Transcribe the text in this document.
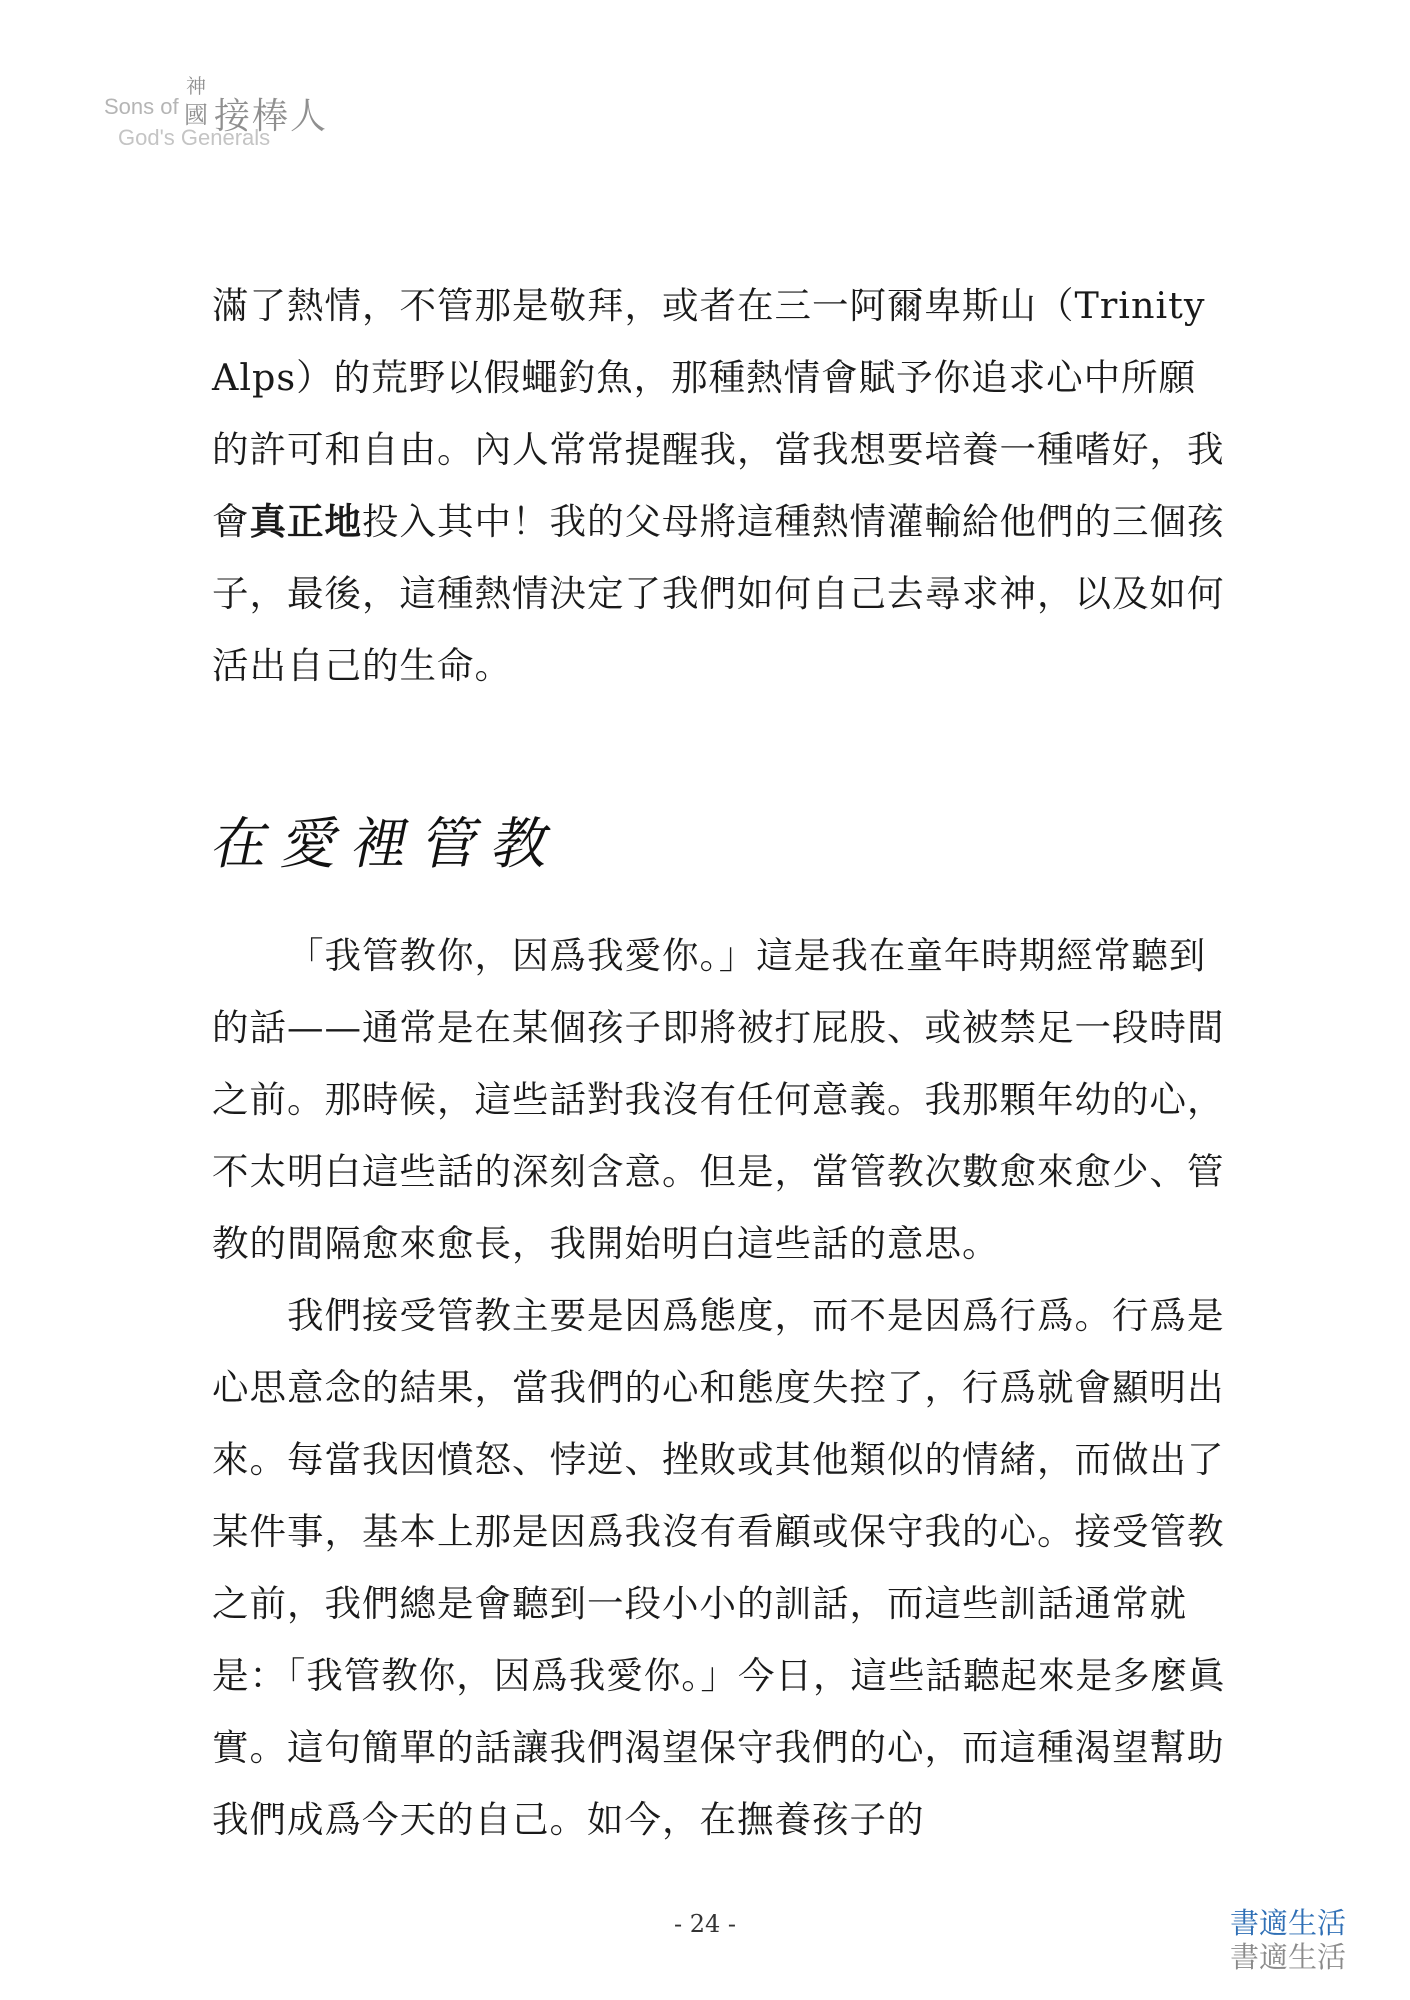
Sons of
神
國 接棒人
God's Generals

滿了熱情，不管那是敬拜，或者在三一阿爾卑斯山（Trinity Alps）的荒野以假蠅釣魚，那種熱情會賦予你追求心中所願的許可和自由。內人常常提醒我，當我想要培養一種嗜好，我會真正地投入其中！我的父母將這種熱情灌輸給他們的三個孩子，最後，這種熱情決定了我們如何自己去尋求神，以及如何活出自己的生命。

在愛裡管教

「我管教你，因爲我愛你。」這是我在童年時期經常聽到的話——通常是在某個孩子即將被打屁股、或被禁足一段時間之前。那時候，這些話對我沒有任何意義。我那顆年幼的心，不太明白這些話的深刻含意。但是，當管教次數愈來愈少、管教的間隔愈來愈長，我開始明白這些話的意思。

我們接受管教主要是因爲態度，而不是因爲行爲。行爲是心思意念的結果，當我們的心和態度失控了，行爲就會顯明出來。每當我因憤怒、悖逆、挫敗或其他類似的情緒，而做出了某件事，基本上那是因爲我沒有看顧或保守我的心。接受管教之前，我們總是會聽到一段小小的訓話，而這些訓話通常就是：「我管教你，因爲我愛你。」今日，這些話聽起來是多麼眞實。這句簡單的話讓我們渴望保守我們的心，而這種渴望幫助我們成爲今天的自己。如今，在撫養孩子的

- 24 -	書適生活
書適生活
